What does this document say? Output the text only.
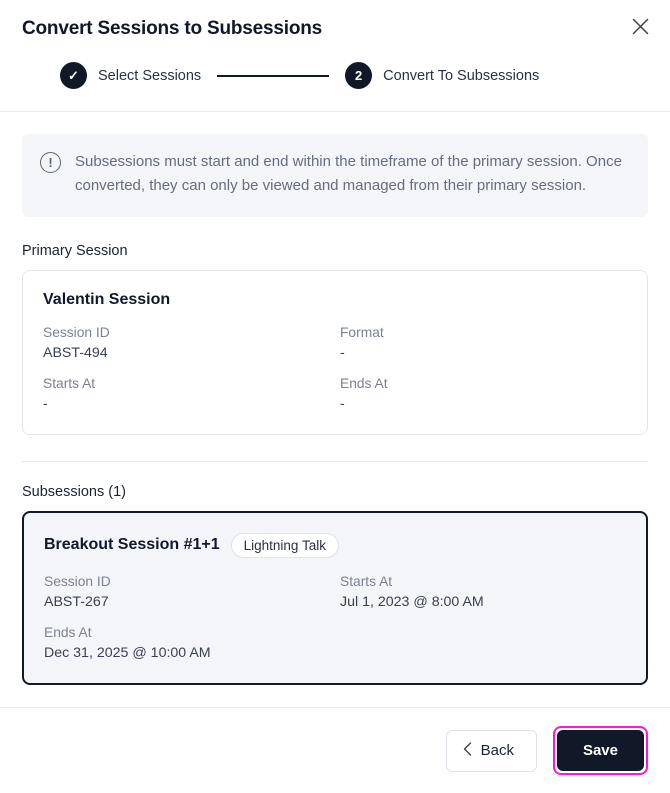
Convert Sessions to Subsessions
✓	Select Sessions	2	Convert To Subsessions
!	Subsessions must start and end within the timeframe of the primary session. Once converted, they can only be viewed and managed from their primary session.
Primary Session
Valentin Session
Session ID
ABST-494
Format
-
Starts At
-
Ends At
-
Subsessions (1)
Breakout Session #1+1	Lightning Talk
Session ID
ABST-267
Starts At
Jul 1, 2023 @ 8:00 AM
Ends At
Dec 31, 2025 @ 10:00 AM
Back	Save
